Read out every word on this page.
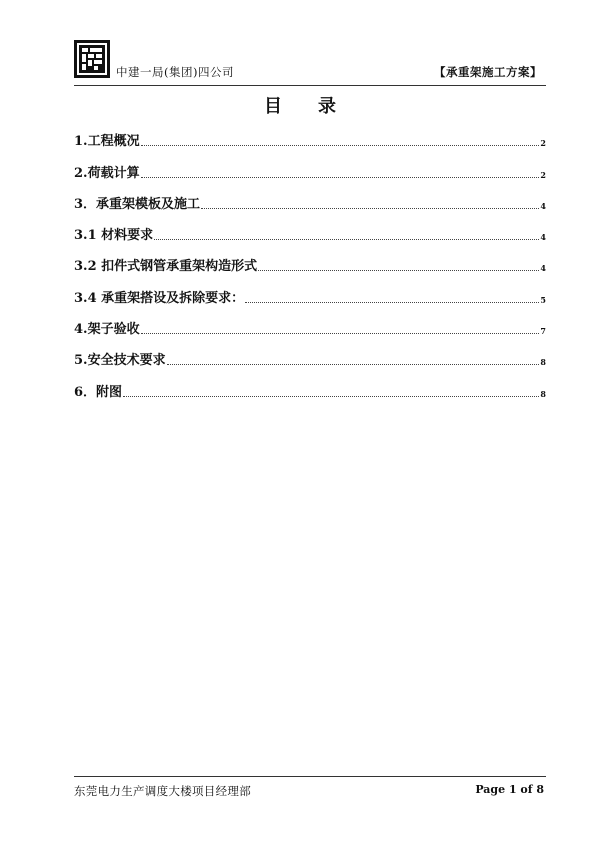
中建一局(集团)四公司	【承重架施工方案】
目录
1.工程概况	2
2.荷载计算	2
3．承重架模板及施工	4
3.1 材料要求	4
3.2 扣件式钢管承重架构造形式	4
3.4 承重架搭设及拆除要求：	5
4.架子验收	7
5.安全技术要求	8
6．附图	8
东莞电力生产调度大楼项目经理部	Page 1 of 8
